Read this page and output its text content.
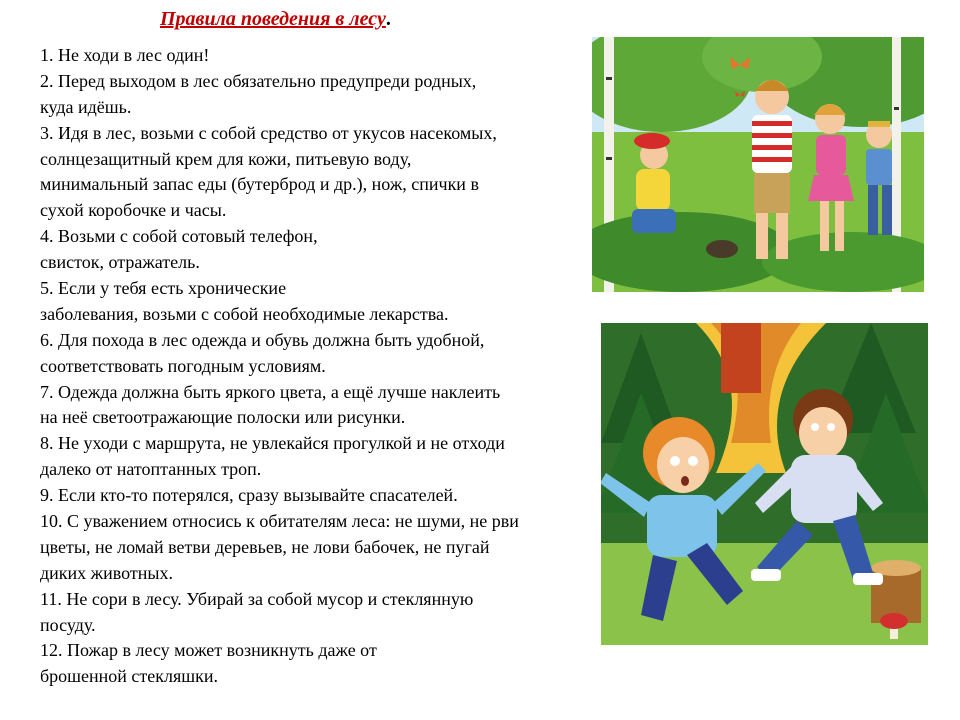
Правила поведения в лесу.
1. Не ходи в лес один!
2. Перед выходом в лес обязательно предупреди родных,
куда идёшь.
3. Идя в лес, возьми с собой средство от укусов насекомых,
солнцезащитный крем для кожи, питьевую воду,
минимальный запас еды (бутерброд и др.), нож, спички в
сухой коробочке и часы.
4. Возьми с собой сотовый телефон,
свисток, отражатель.
5. Если у тебя есть хронические
заболевания, возьми с собой необходимые лекарства.
6. Для похода в лес одежда и обувь должна быть удобной,
соответствовать погодным условиям.
7. Одежда должна быть яркого цвета, а ещё лучше наклеить
на неё светоотражающие полоски или рисунки.
8. Не уходи с маршрута, не увлекайся прогулкой и не отходи
далеко от натоптанных троп.
9. Если кто-то потерялся, сразу вызывайте спасателей.
10. С уважением относись к обитателям леса: не шуми, не рви
цветы, не ломай ветви деревьев, не лови бабочек, не пугай
диких животных.
11. Не сори в лесу. Убирай за собой мусор и стеклянную
посуду.
12. Пожар в лесу может возникнуть даже от
брошенной стекляшки.
